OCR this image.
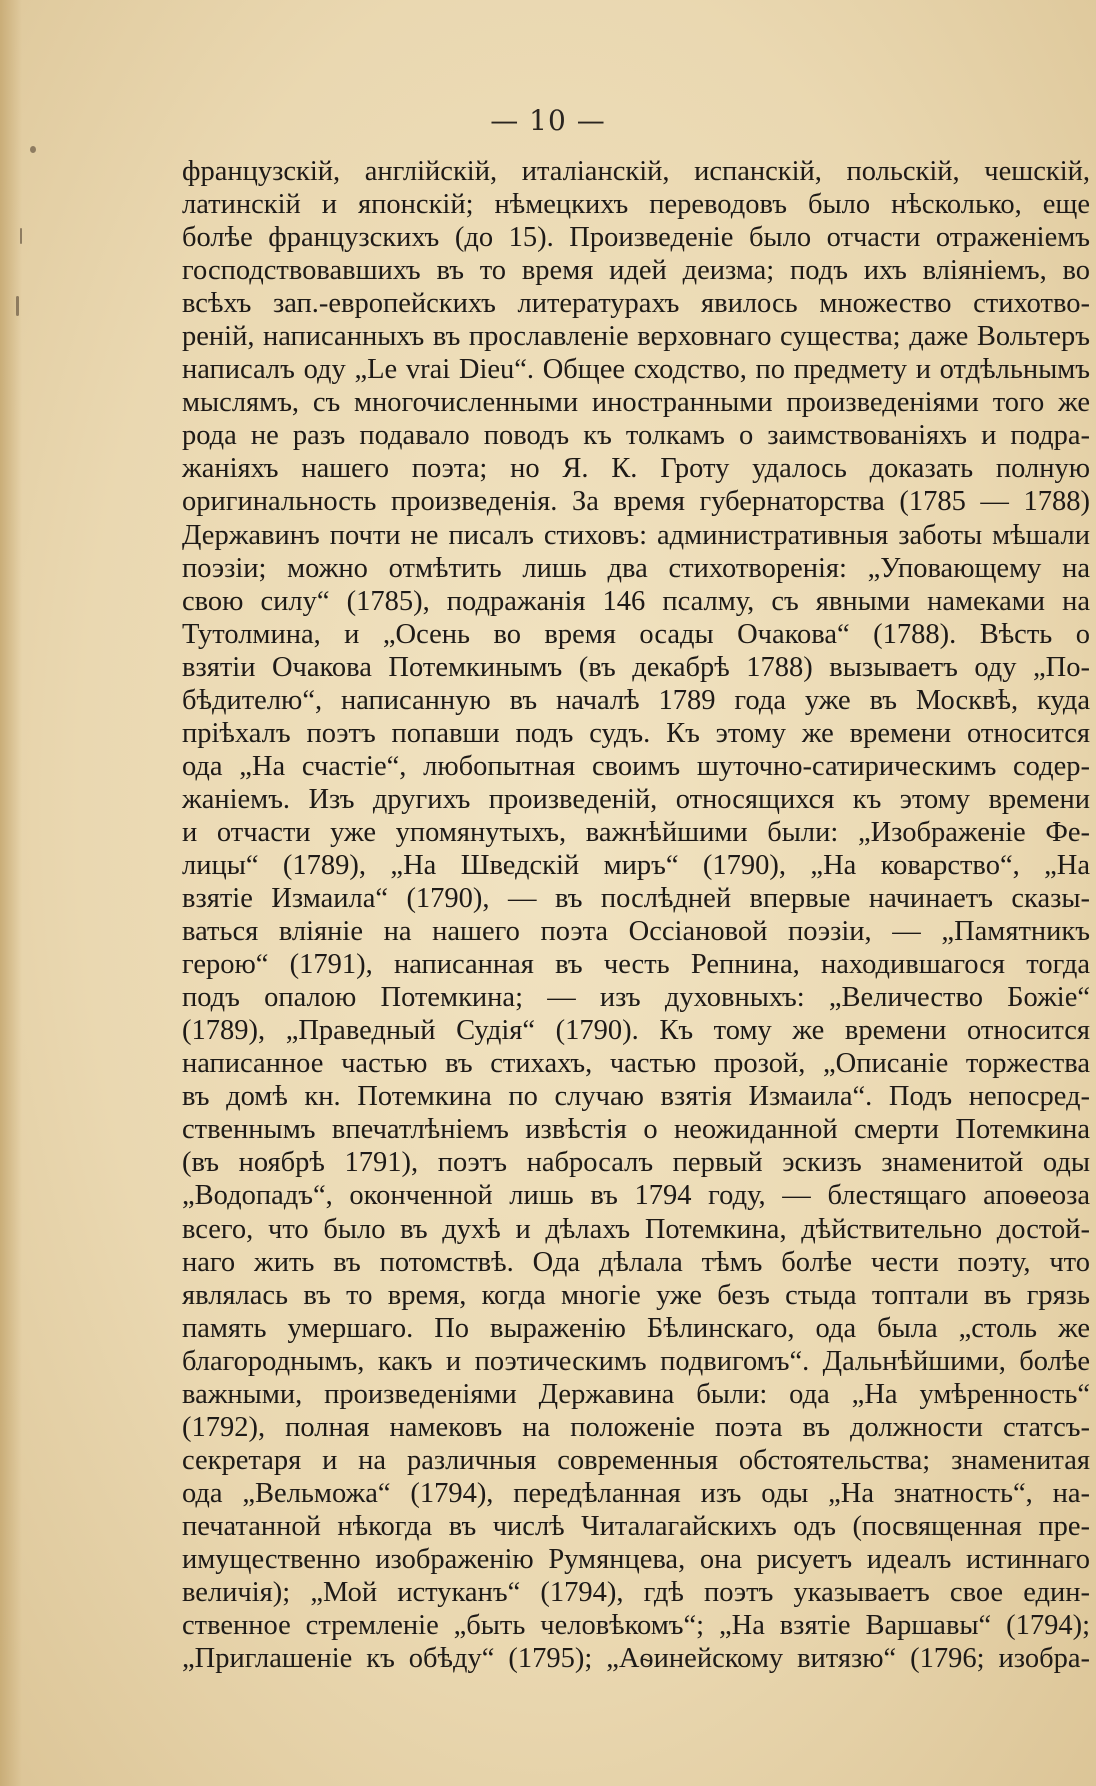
— 10 —
французскій, англійскій, италіанскій, испанскій, польскій, чешскій,
латинскій и японскій; нѣмецкихъ переводовъ было нѣсколько, еще
болѣе французскихъ (до 15). Произведеніе было отчасти отраженіемъ
господствовавшихъ въ то время идей деизма; подъ ихъ вліяніемъ, во
всѣхъ зап.-европейскихъ литературахъ явилось множество стихотво-
реній, написанныхъ въ прославленіе верховнаго существа; даже Вольтеръ
написалъ оду „Le vrai Dieu“. Общее сходство, по предмету и отдѣльнымъ
мыслямъ, съ многочисленными иностранными произведеніями того же
рода не разъ подавало поводъ къ толкамъ о заимствованіяхъ и подра-
жаніяхъ нашего поэта; но Я. К. Гроту удалось доказать полную
оригинальность произведенія. За время губернаторства (1785 — 1788)
Державинъ почти не писалъ стиховъ: административныя заботы мѣшали
поэзіи; можно отмѣтить лишь два стихотворенія: „Уповающему на
свою силу“ (1785), подражанія 146 псалму, съ явными намеками на
Тутолмина, и „Осень во время осады Очакова“ (1788). Вѣсть о
взятіи Очакова Потемкинымъ (въ декабрѣ 1788) вызываетъ оду „По-
бѣдителю“, написанную въ началѣ 1789 года уже въ Москвѣ, куда
пріѣхалъ поэтъ попавши подъ судъ. Къ этому же времени относится
ода „На счастіе“, любопытная своимъ шуточно-сатирическимъ содер-
жаніемъ. Изъ другихъ произведеній, относящихся къ этому времени
и отчасти уже упомянутыхъ, важнѣйшими были: „Изображеніе Фе-
лицы“ (1789), „На Шведскій миръ“ (1790), „На коварство“, „На
взятіе Измаила“ (1790), — въ послѣдней впервые начинаетъ сказы-
ваться вліяніе на нашего поэта Оссіановой поэзіи, — „Памятникъ
герою“ (1791), написанная въ честь Репнина, находившагося тогда
подъ опалою Потемкина; — изъ духовныхъ: „Величество Божіе“
(1789), „Праведный Судія“ (1790). Къ тому же времени относится
написанное частью въ стихахъ, частью прозой, „Описаніе торжества
въ домѣ кн. Потемкина по случаю взятія Измаила“. Подъ непосред-
ственнымъ впечатлѣніемъ извѣстія о неожиданной смерти Потемкина
(въ ноябрѣ 1791), поэтъ набросалъ первый эскизъ знаменитой оды
„Водопадъ“, оконченной лишь въ 1794 году, — блестящаго апоѳеоза
всего, что было въ духѣ и дѣлахъ Потемкина, дѣйствительно достой-
наго жить въ потомствѣ. Ода дѣлала тѣмъ болѣе чести поэту, что
являлась въ то время, когда многіе уже безъ стыда топтали въ грязь
память умершаго. По выраженію Бѣлинскаго, ода была „столь же
благороднымъ, какъ и поэтическимъ подвигомъ“. Дальнѣйшими, болѣе
важными, произведеніями Державина были: ода „На умѣренность“
(1792), полная намековъ на положеніе поэта въ должности статсъ-
секретаря и на различныя современныя обстоятельства; знаменитая
ода „Вельможа“ (1794), передѣланная изъ оды „На знатность“, на-
печатанной нѣкогда въ числѣ Читалагайскихъ одъ (посвященная пре-
имущественно изображенію Румянцева, она рисуетъ идеалъ истиннаго
величія); „Мой истуканъ“ (1794), гдѣ поэтъ указываетъ свое един-
ственное стремленіе „быть человѣкомъ“; „На взятіе Варшавы“ (1794);
„Приглашеніе къ обѣду“ (1795); „Аѳинейскому витязю“ (1796; изобра-
